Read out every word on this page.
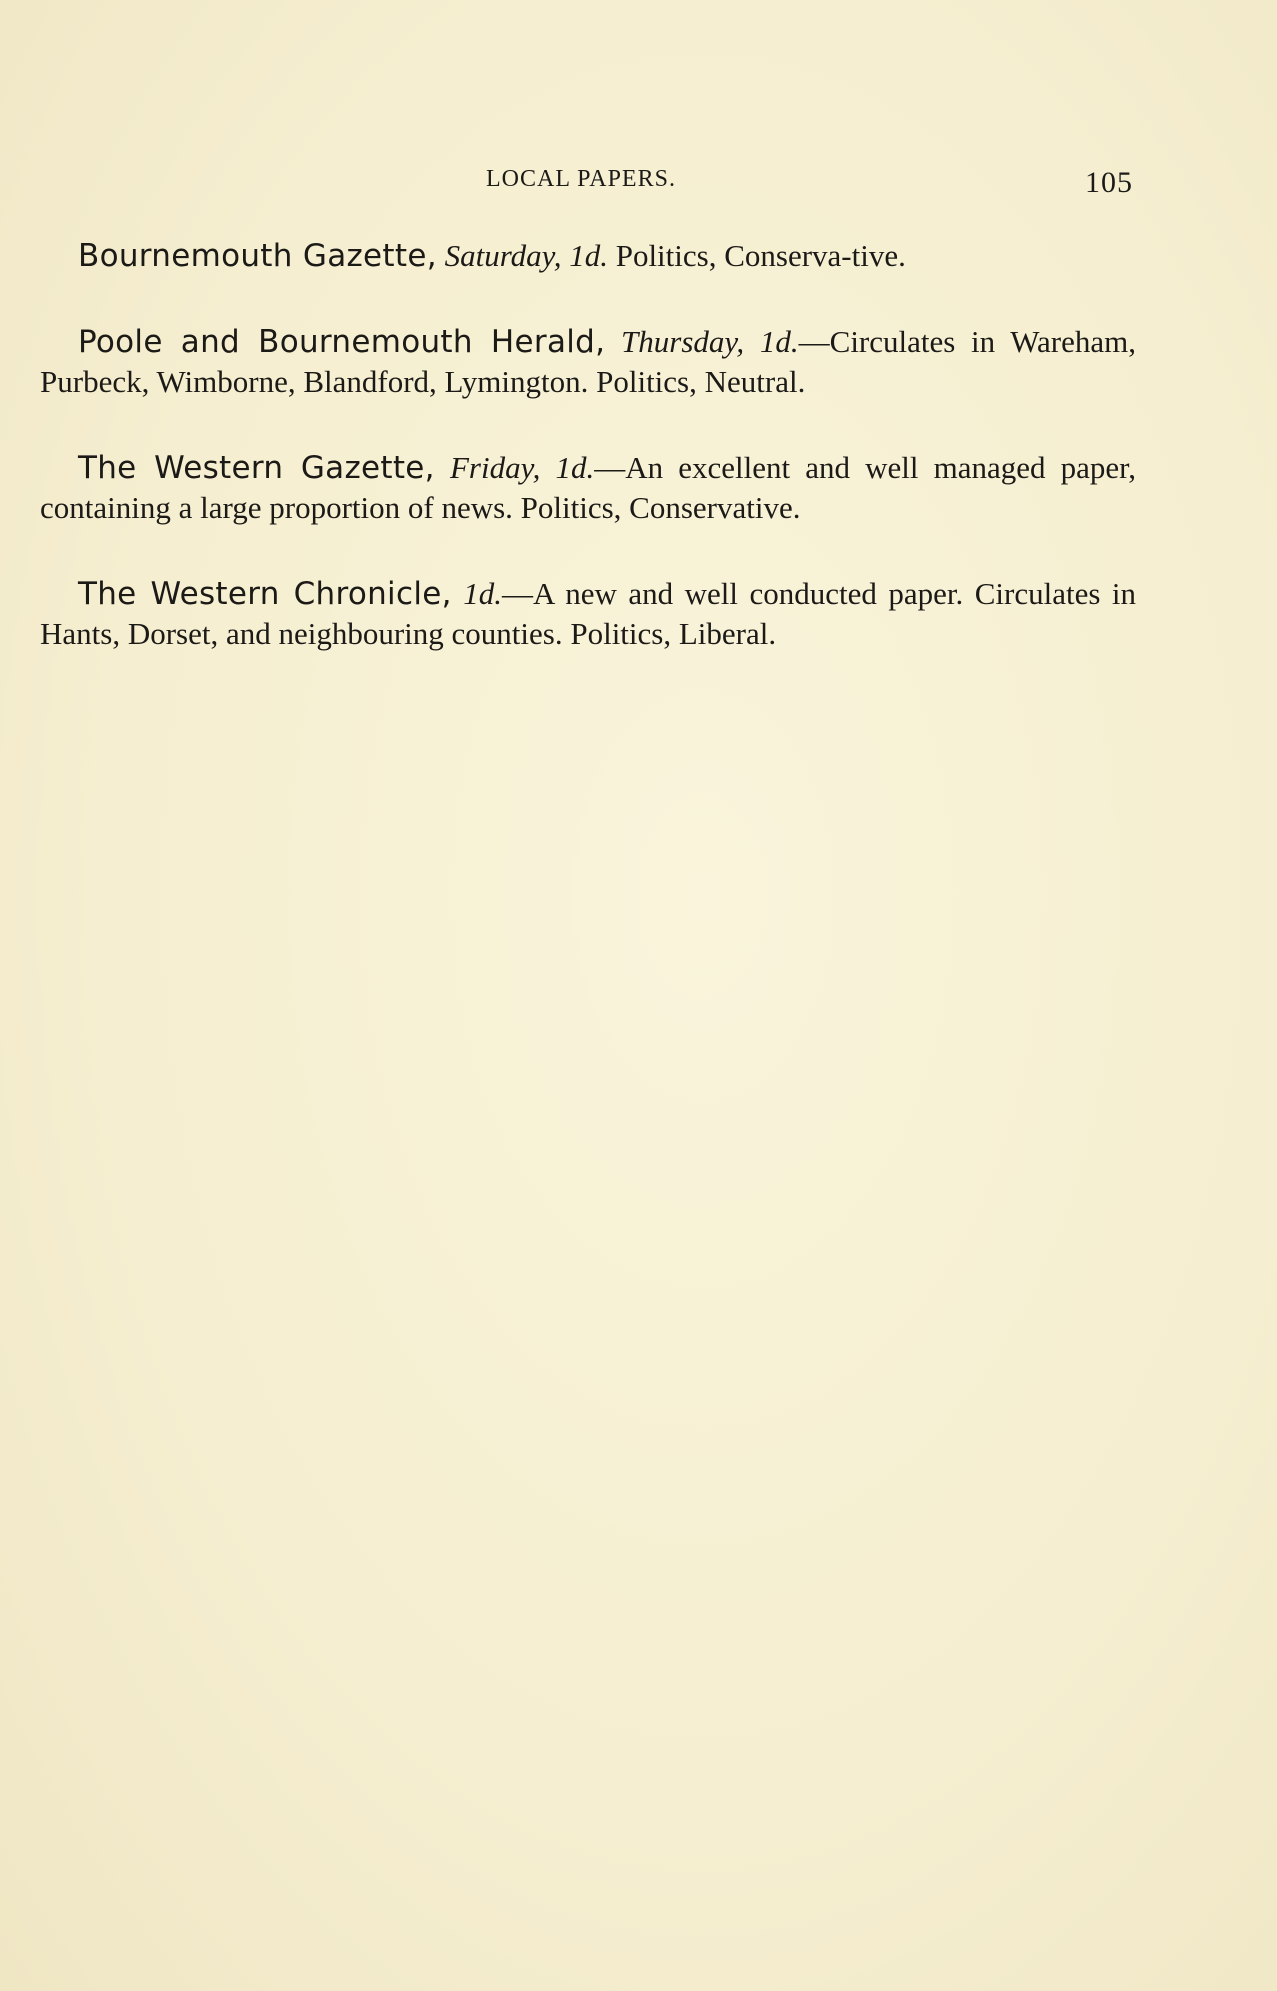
LOCAL PAPERS.	105

Bournemouth Gazette, Saturday, 1d. Politics, Conserva-tive.

Poole and Bournemouth Herald, Thursday, 1d.—Circulates in Wareham, Purbeck, Wimborne, Blandford, Lymington. Politics, Neutral.

The Western Gazette, Friday, 1d.—An excellent and well managed paper, containing a large proportion of news. Politics, Conservative.

The Western Chronicle, 1d.—A new and well conducted paper. Circulates in Hants, Dorset, and neighbouring counties. Politics, Liberal.
